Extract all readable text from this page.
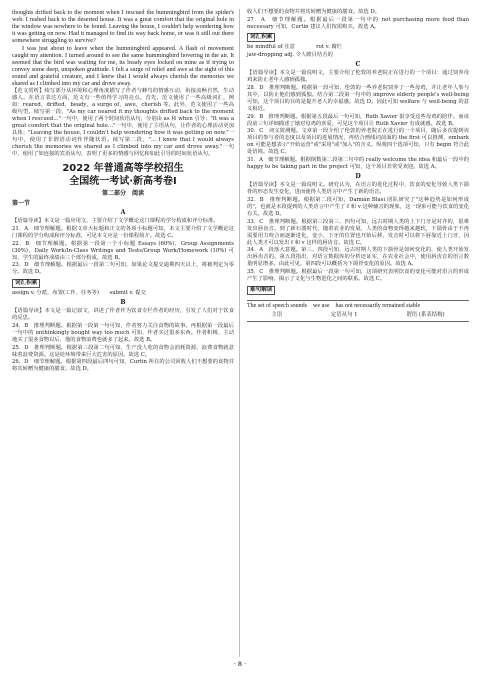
thoughts drifted back to the moment when I rescued the hummingbird from the spider's web. I rushed back to the deserted house. It was a great comfort that the original hole in the window was nowhere to be found. Leaving the house, I couldn't help wondering how it was getting on now. Had it managed to find its way back home, or was it still out there somewhere struggling to survive?

I was just about to leave when the hummingbird appeared. A flash of movement caught my attention. I turned around to see the same hummingbird hovering in the air. It seemed that the bird was waiting for me, its beady eyes locked on mine as if trying to convey some deep, unspoken gratitude. I felt a surge of relief and awe at the sight of this sound and grateful creature, and I knew that I would always cherish the memories we shared as I climbed into my car and drove away.

【范文赏析】续写部分从环境和心理角度描写了作者与蜂鸟的情感互动，衔接流畅自然，生动感人。在语言表达方面，范文有一些值得学习的亮点。首先，范文使用了一些高级词汇，例如：reared，drifted，beady，a surge of，awe，cherish 等。此外，范文使用了一些高级句型。续写第一段，"As my car neared it my thoughts drifted back to the moment when I rescued…"一句中，使用了两个时间状语从句，分别由 as 和 when 引导；"It was a great comfort that the original hole…"一句中，使用了主语从句，让作者的心理活动更加具体；"Leaving the house, I couldn't help wondering how it was getting on now."一句中，使用了非谓语动词作伴随状语。续写第二段，"… I knew that I would always cherish the memories we shared as I climbed into my car and drove away."一句中，使用了如连接的宾语从句，表明了更多的情感与回忆和如此引导的时间状语从句。

2022 年普通高等学校招生
全国统一考试·新高考卷Ⅰ
第二部分　阅读
第一节
A

【语篇导读】本文是一篇应用文，主要介绍了文学概论这门课程的学分构成和评分标准。

21．A　细节理解题。根据文章大标题和正文的各项小标题可知，本文主要介绍了文学概论这门课程的学分构成和评分标准，可见本文应是一份课程简介。故选 C。

22．B　细节理解题。根据第一段第一个小标题 Essays (60%)，Group Assignments (30%)，Daily Work/In-Class Writings and Tests/Group Work/Homework (10%) 可知，学生的最终成绩由三个部分构成。故选 B。

23．D　细节理解题。根据最后一段第二句可知，如果论文提交逾期四天以上，将被判定为零分。故选 D。

词汇积累

assign v. 分派，布置(工作，任务等)　　submit v. 提交

B

【语篇导读】本文是一篇记叙文，讲述了作者作为饮食专栏作者的经历，引发了人们对于饮食的反思。

24．B　推理判断题。根据第一段第一句可知，作者努力关注食物的故事。再根据第一段最后一句中的 unthinkingly bought way too much 可知，作者买过很多东西。作者积极、主动地买了很多食物以后，他的食物浪费也就多了起来。故选 B。

25．D　推理判断题。根据第三段第二句可知，生产没人吃的食物会消耗资源，浪费食物就意味着浪费资源。这是给环境带来巨大危害的原因。故选 C。

26．D　细节理解题。根据第四段最后四句可知，Curtin 所在的公司回收人们不想要的食物并将其转赠为健康的膳食。故选 D。

收人们不想要的食物并将其转赠为健康的膳食。故选 D。

27．A　细节理解题。根据最后一段第一句中的 not purchasing more food than necessary 可知，Curtin 建议人们按需购买。故选 A。

词汇积累

be mindful of 注意　　　　rot v. 腐烂

jaw-dropping adj. 令人瞠目结舌的

C

【语篇导读】本文是一篇说明文，主要介绍了伦敦的养老院正在进行的一个项目：通过饲养母鸡来防止老年人感到孤独。

28．D　推理判断题。根据第一段可知，伦敦的一些养老院饲养了一些母鸡，并让老年人参与其中，以防止他们感到孤独。结合第二段第一句中的 improve elderly people's well-being 可知，这个项目的目的是提升老人的幸福感。故选 D。因此可知 welfare 与 well-being 的意义相近。

29．B　推理判断题。根据第五段最后一句可知，Ruth Xavier 很享受这些母鸡的陪伴。而该段前三句详细描述了她对母鸡的喜爱，可见这个项目让 Ruth Xavier 有成就感。故选 B。

30．C　词义猜测题。文章第一段介绍了伦敦的养老院正在进行的一个项目，随后多次提到该项目的参与者的态度以及项目的进展情况，再结合画线词前面的 the first 可以推测，embark on 可能是想表示"开始运营"或"采用"或"加入"的含义。纵观四个选项可知，只有 begin 符合此处语境。故选 C。

31．A　细节理解题。根据倒数第二段第二句中的 really welcome the idea 和最后一段中的 happy to be taking part in the project 可知，这个项目非常受欢迎。故选 A。

D

【语篇导读】本文是一篇说明文。研究认为，在语言的进化过程中，饮食的变化导致人类下颌骨的形态发生变化，进而使得人类语言中产生了新的语音。

32．B　推理判断题。根据第二段可知，Damián Blasi 团队研究了"这种趋势是如何形成的"，也就是本段提到的人类语言中产生了 f 和 v 这种辅音的现象，这一现象可能与饮食的变化有关。故选 D。

33．C　推理判断题。根据第三段第三、四句可知，远古时期人类的上下门牙是对齐的，很难发出唇齿音。到了新石器时代，随着农业的发展，人类的食物变得越来越软，下颌骨由于不再需要用力咬合而逐渐进化，变小，下牙的位置也开始后移，发音时可以将下唇靠近上门牙，因此人类才可以发出 f 和 v 这样的唇齿音。故选 C。

34．A　段落大意题。第三、四段可知，远古时期人类的下颌骨是如何变化的，使人类开始发出唇齿音的。第五段指出，对语言数据库的分析还证实，在农业社会中，使用唇齿音的语言数量明显增多。由此可见，第四段可以概括为下颌骨变化的原因。故选 A。

35．C　推理判断题。根据最后一段第一句可知，这项研究表明饮食的变化可能对语言的形成产生了影响，揭示了文化与生物进化之间的联系。故选 C。

难句解读
The set of speech sounds　we use　has not necessarily remained stable
主语	定语从句 1	谓语 (系表结构)
· 8 ·
